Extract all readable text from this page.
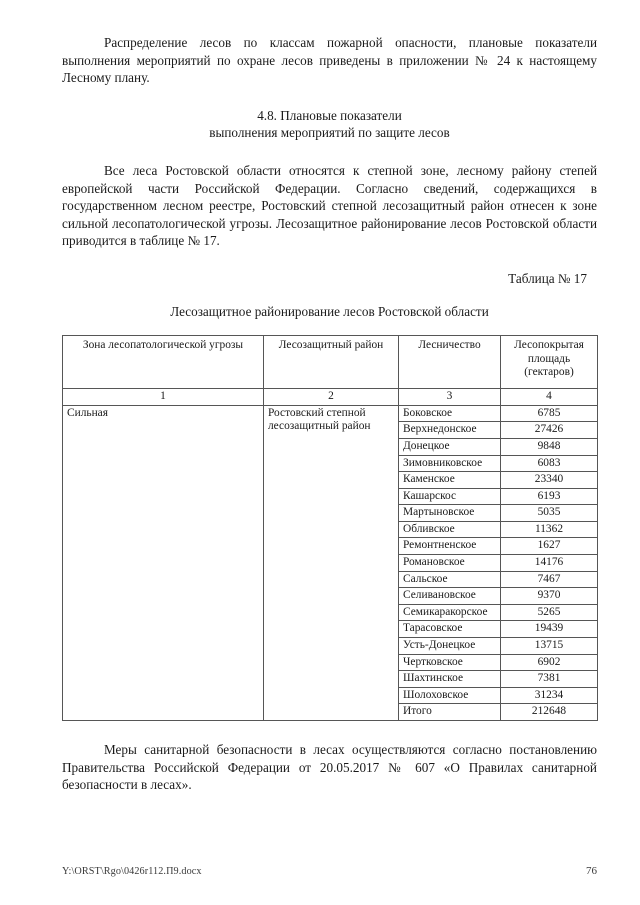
Распределение лесов по классам пожарной опасности, плановые показатели выполнения мероприятий по охране лесов приведены в приложении № 24 к настоящему Лесному плану.

4.8. Плановые показатели
выполнения мероприятий по защите лесов

Все леса Ростовской области относятся к степной зоне, лесному району степей европейской части Российской Федерации. Согласно сведений, содержащихся в государственном лесном реестре, Ростовский степной лесозащитный район отнесен к зоне сильной лесопатологической угрозы. Лесозащитное районирование лесов Ростовской области приводится в таблице № 17.

Таблица № 17

Лесозащитное районирование лесов Ростовской области

Зона лесопатологической угрозы	Лесозащитный район	Лесничество	Лесопокрытая
площадь
(гектаров)
1	2	3	4
Сильная	Ростовский степной
лесозащитный район	Боковское	6785
		Верхнедонское	27426
		Донецкое	9848
		Зимовниковское	6083
		Каменское	23340
		Кашарскос	6193
		Мартыновское	5035
		Обливское	11362
		Ремонтненское	1627
		Романовское	14176
		Сальское	7467
		Селивановское	9370
		Семикаракорское	5265
		Тарасовское	19439
		Усть-Донецкое	13715
		Чертковское	6902
		Шахтинское	7381
		Шолоховское	31234
		Итого	212648

Меры санитарной безопасности в лесах осуществляются согласно постановлению Правительства Российской Федерации от 20.05.2017 № 607 «О Правилах санитарной безопасности в лесах».

Y:\ORST\Rgo\0426r112.П9.docx	76
